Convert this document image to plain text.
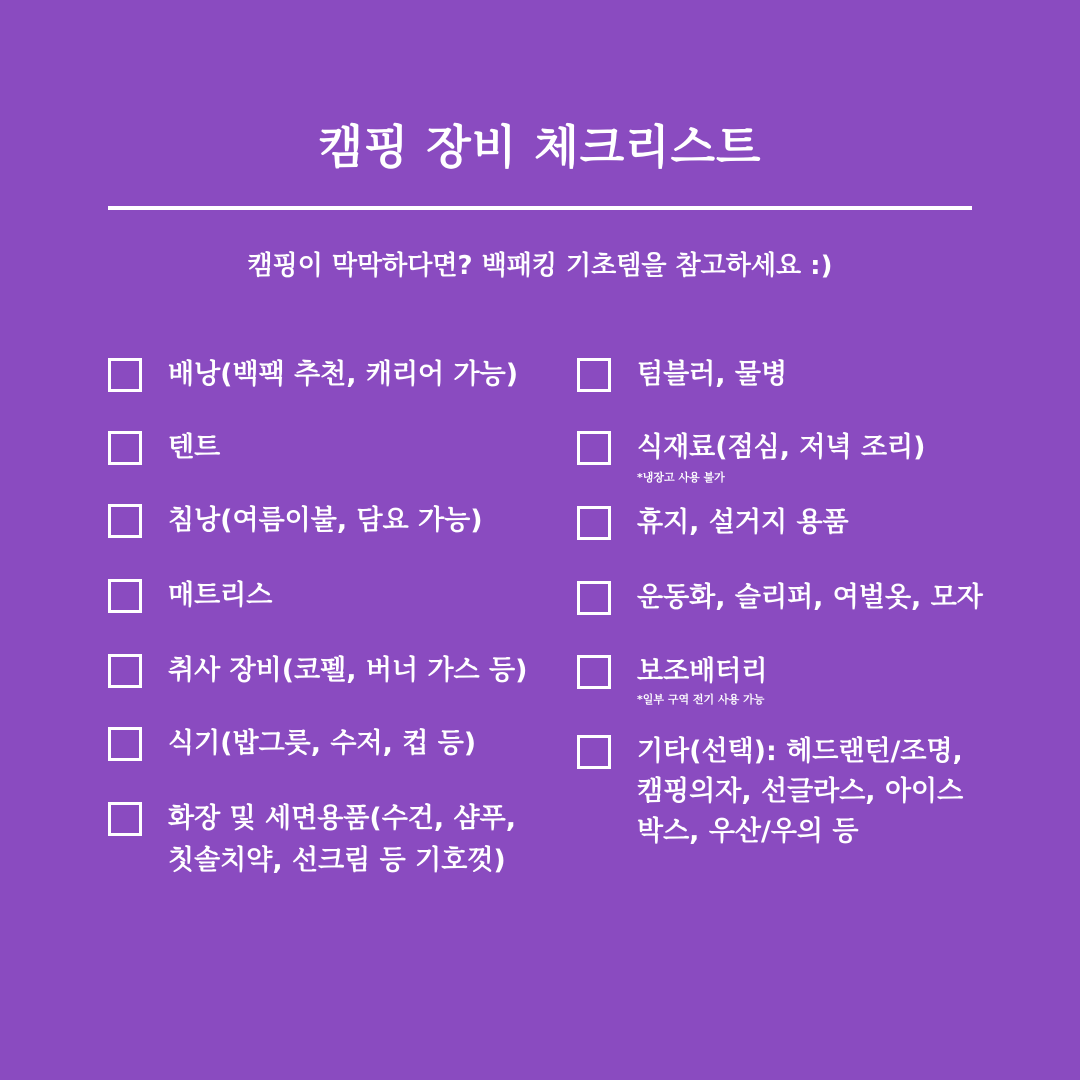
캠핑 장비 체크리스트
캠핑이 막막하다면? 백패킹 기초템을 참고하세요 :)
배낭(백팩 추천, 캐리어 가능)
텐트
침낭(여름이불, 담요 가능)
매트리스
취사 장비(코펠, 버너 가스 등)
식기(밥그릇, 수저, 컵 등)
화장 및 세면용품(수건, 샴푸,
칫솔치약, 선크림 등 기호껏)
텀블러, 물병
식재료(점심, 저녁 조리)
*냉장고 사용 불가
휴지, 설거지 용품
운동화, 슬리퍼, 여벌옷, 모자
보조배터리
*일부 구역 전기 사용 가능
기타(선택): 헤드랜턴/조명,
캠핑의자, 선글라스, 아이스
박스, 우산/우의 등
